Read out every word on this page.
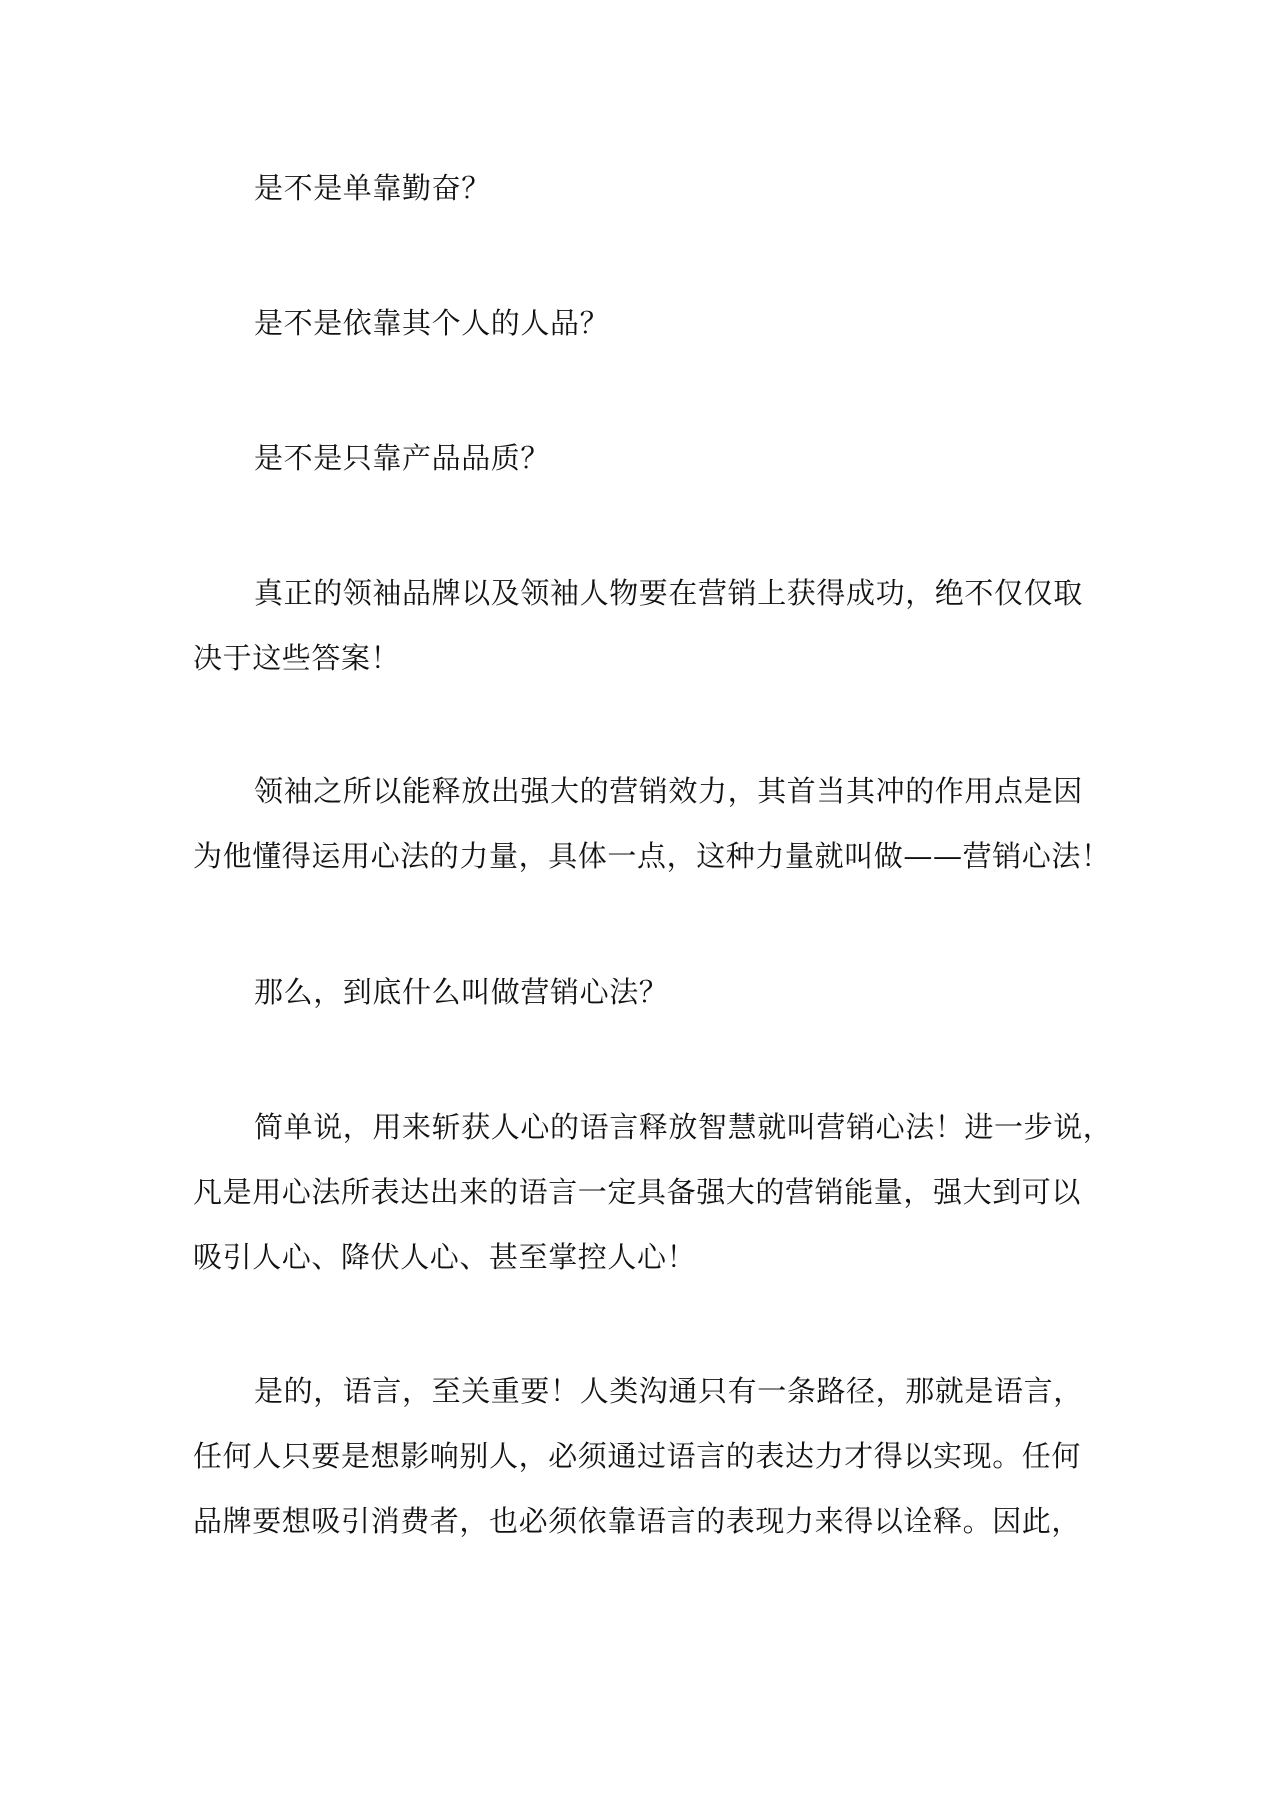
是不是单靠勤奋？

是不是依靠其个人的人品？

是不是只靠产品品质？

真正的领袖品牌以及领袖人物要在营销上获得成功，绝不仅仅取
决于这些答案！

领袖之所以能释放出强大的营销效力，其首当其冲的作用点是因
为他懂得运用心法的力量，具体一点，这种力量就叫做——营销心法！

那么，到底什么叫做营销心法？

简单说，用来斩获人心的语言释放智慧就叫营销心法！进一步说，
凡是用心法所表达出来的语言一定具备强大的营销能量，强大到可以
吸引人心、降伏人心、甚至掌控人心！

是的，语言，至关重要！人类沟通只有一条路径，那就是语言，
任何人只要是想影响别人，必须通过语言的表达力才得以实现。任何
品牌要想吸引消费者，也必须依靠语言的表现力来得以诠释。因此，
